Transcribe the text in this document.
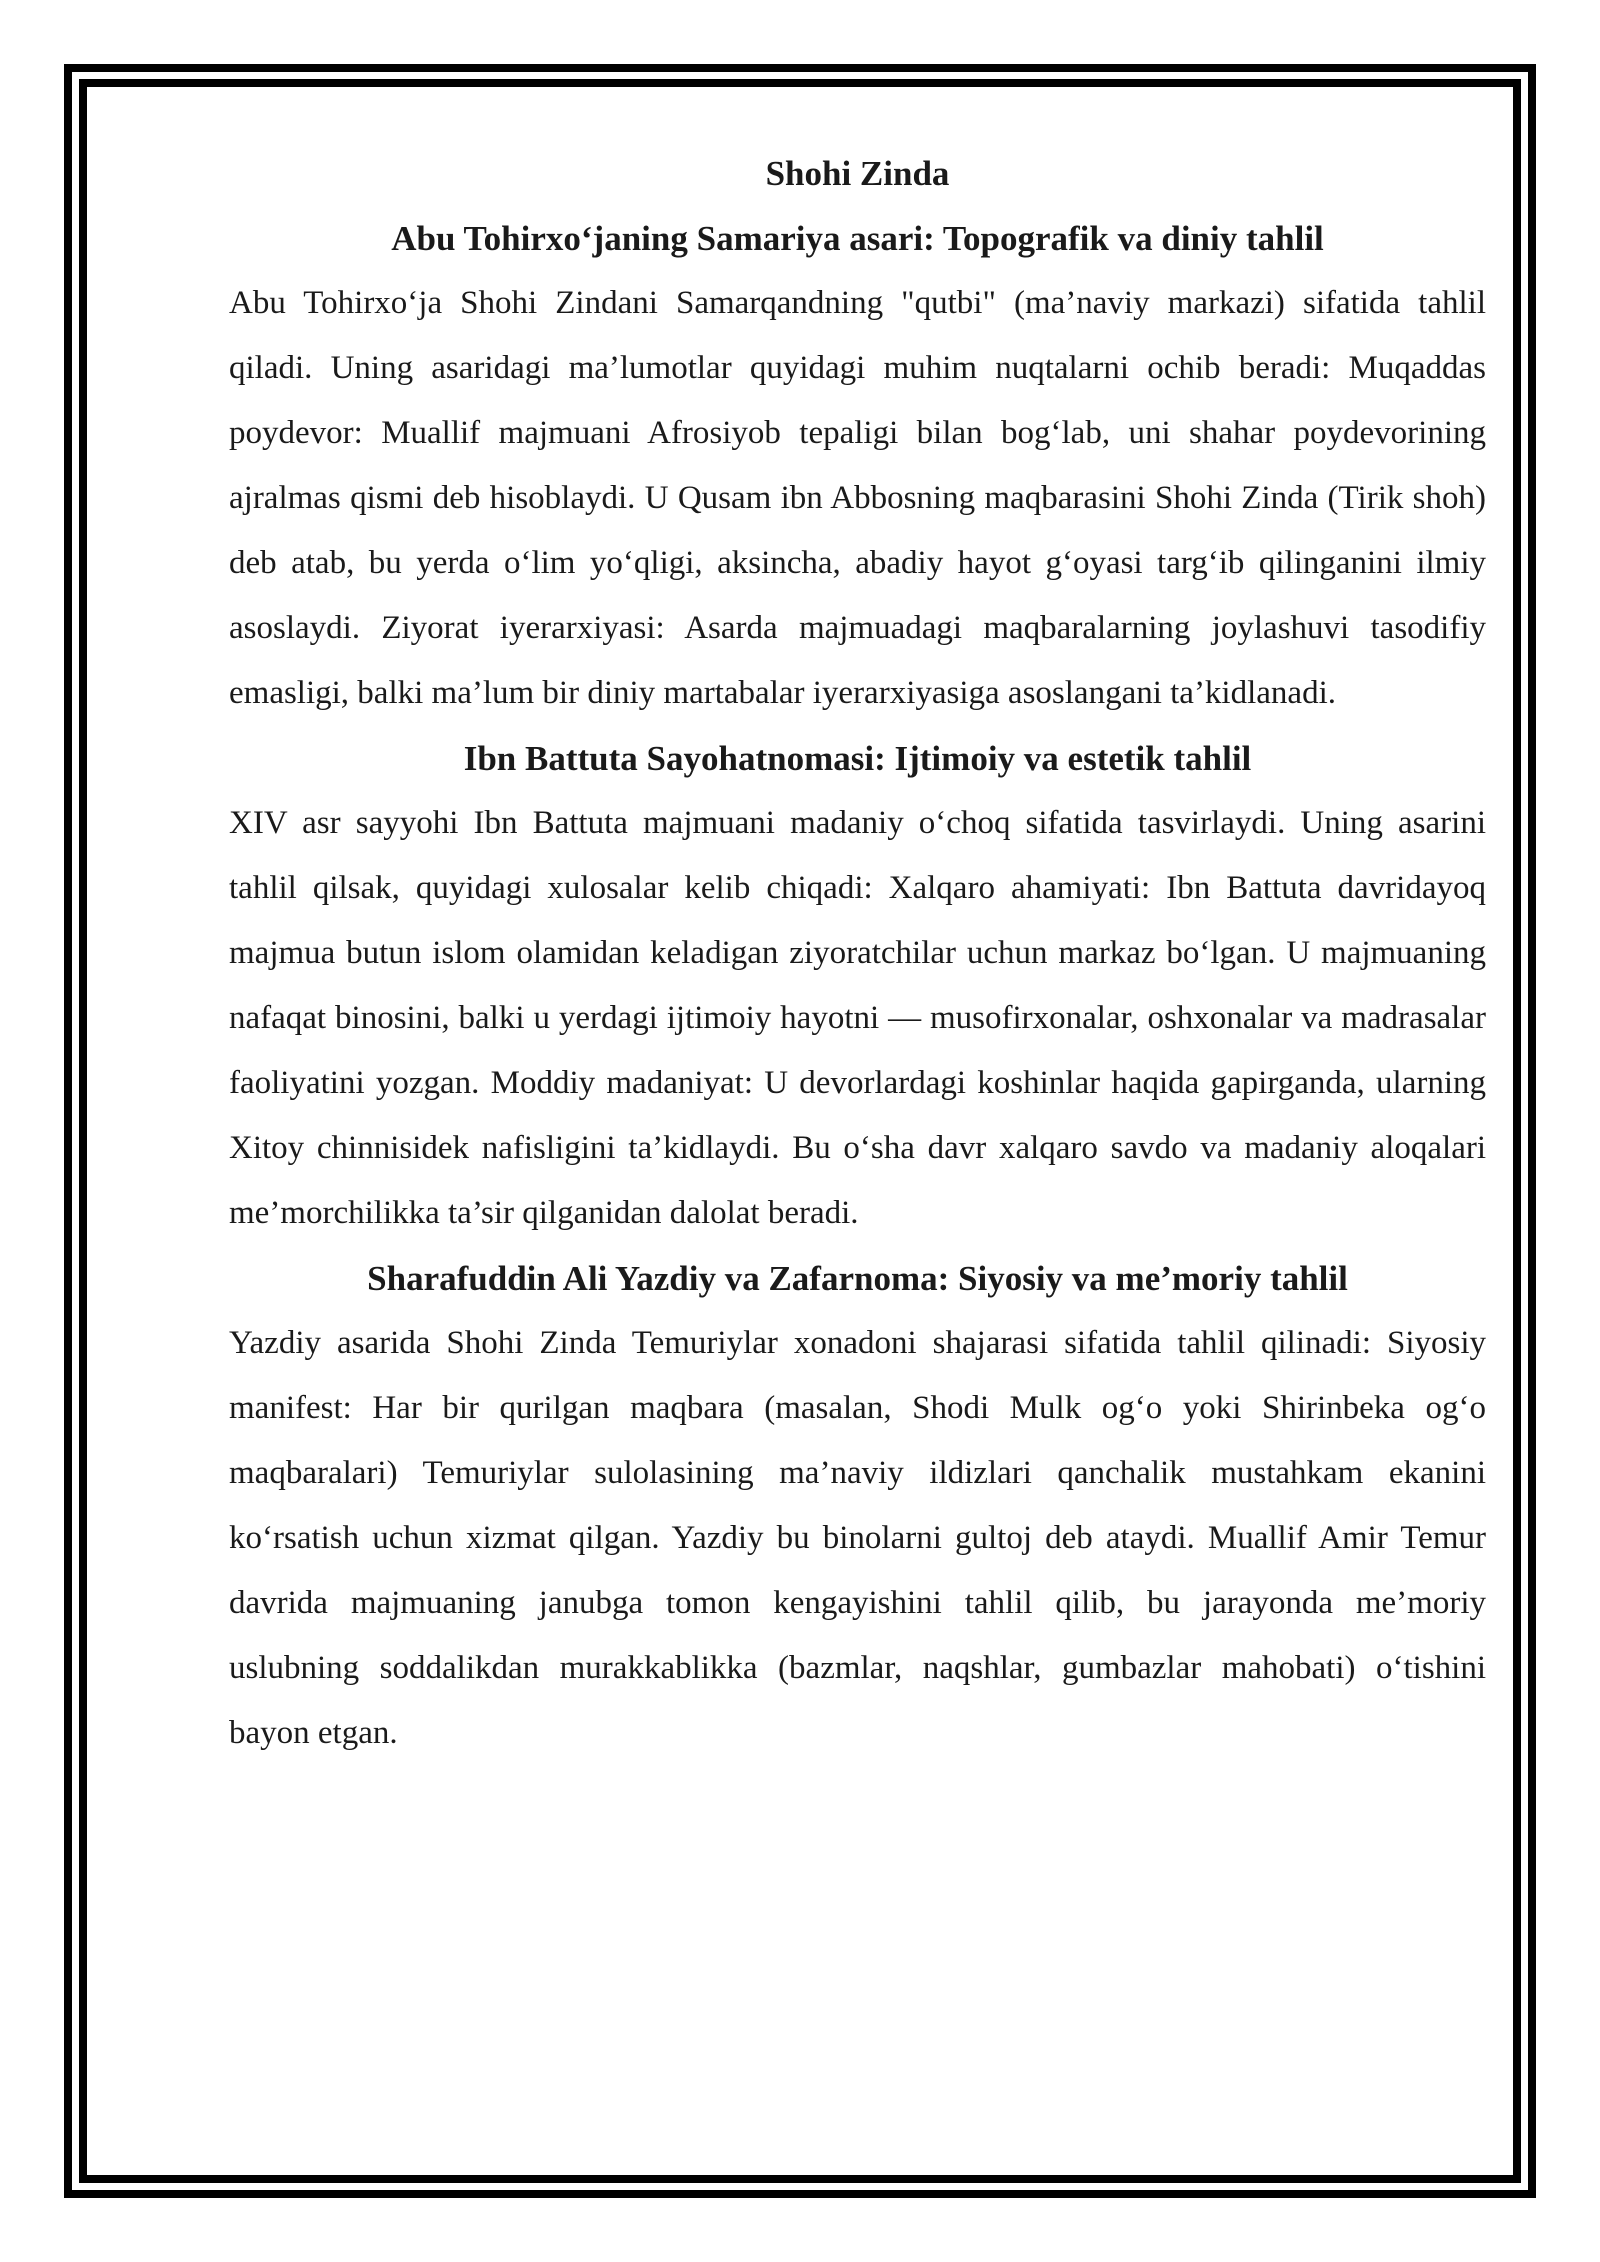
Shohi Zinda
Abu Tohirxo‘janing Samariya asari: Topografik va diniy tahlil

Abu Tohirxo‘ja Shohi Zindani Samarqandning "qutbi" (ma’naviy markazi) sifatida tahlil qiladi. Uning asaridagi ma’lumotlar quyidagi muhim nuqtalarni ochib beradi: Muqaddas poydevor: Muallif majmuani Afrosiyob tepaligi bilan bog‘lab, uni shahar poydevorining ajralmas qismi deb hisoblaydi. U Qusam ibn Abbosning maqbarasini Shohi Zinda (Tirik shoh) deb atab, bu yerda o‘lim yo‘qligi, aksincha, abadiy hayot g‘oyasi targ‘ib qilinganini ilmiy asoslaydi. Ziyorat iyerarxiyasi: Asarda majmuadagi maqbaralarning joylashuvi tasodifiy emasligi, balki ma’lum bir diniy martabalar iyerarxiyasiga asoslangani ta’kidlanadi.

Ibn Battuta Sayohatnomasi: Ijtimoiy va estetik tahlil

XIV asr sayyohi Ibn Battuta majmuani madaniy o‘choq sifatida tasvirlaydi. Uning asarini tahlil qilsak, quyidagi xulosalar kelib chiqadi: Xalqaro ahamiyati: Ibn Battuta davridayoq majmua butun islom olamidan keladigan ziyoratchilar uchun markaz bo‘lgan. U majmuaning nafaqat binosini, balki u yerdagi ijtimoiy hayotni — musofirxonalar, oshxonalar va madrasalar faoliyatini yozgan. Moddiy madaniyat: U devorlardagi koshinlar haqida gapirganda, ularning Xitoy chinnisidek nafisligini ta’kidlaydi. Bu o‘sha davr xalqaro savdo va madaniy aloqalari me’morchilikka ta’sir qilganidan dalolat beradi.

Sharafuddin Ali Yazdiy va Zafarnoma: Siyosiy va me’moriy tahlil

Yazdiy asarida Shohi Zinda Temuriylar xonadoni shajarasi sifatida tahlil qilinadi: Siyosiy manifest: Har bir qurilgan maqbara (masalan, Shodi Mulk og‘o yoki Shirinbeka og‘o maqbaralari) Temuriylar sulolasining ma’naviy ildizlari qanchalik mustahkam ekanini ko‘rsatish uchun xizmat qilgan. Yazdiy bu binolarni gultoj deb ataydi. Muallif Amir Temur davrida majmuaning janubga tomon kengayishini tahlil qilib, bu jarayonda me’moriy uslubning soddalikdan murakkablikka (bazmlar, naqshlar, gumbazlar mahobati) o‘tishini bayon etgan.
